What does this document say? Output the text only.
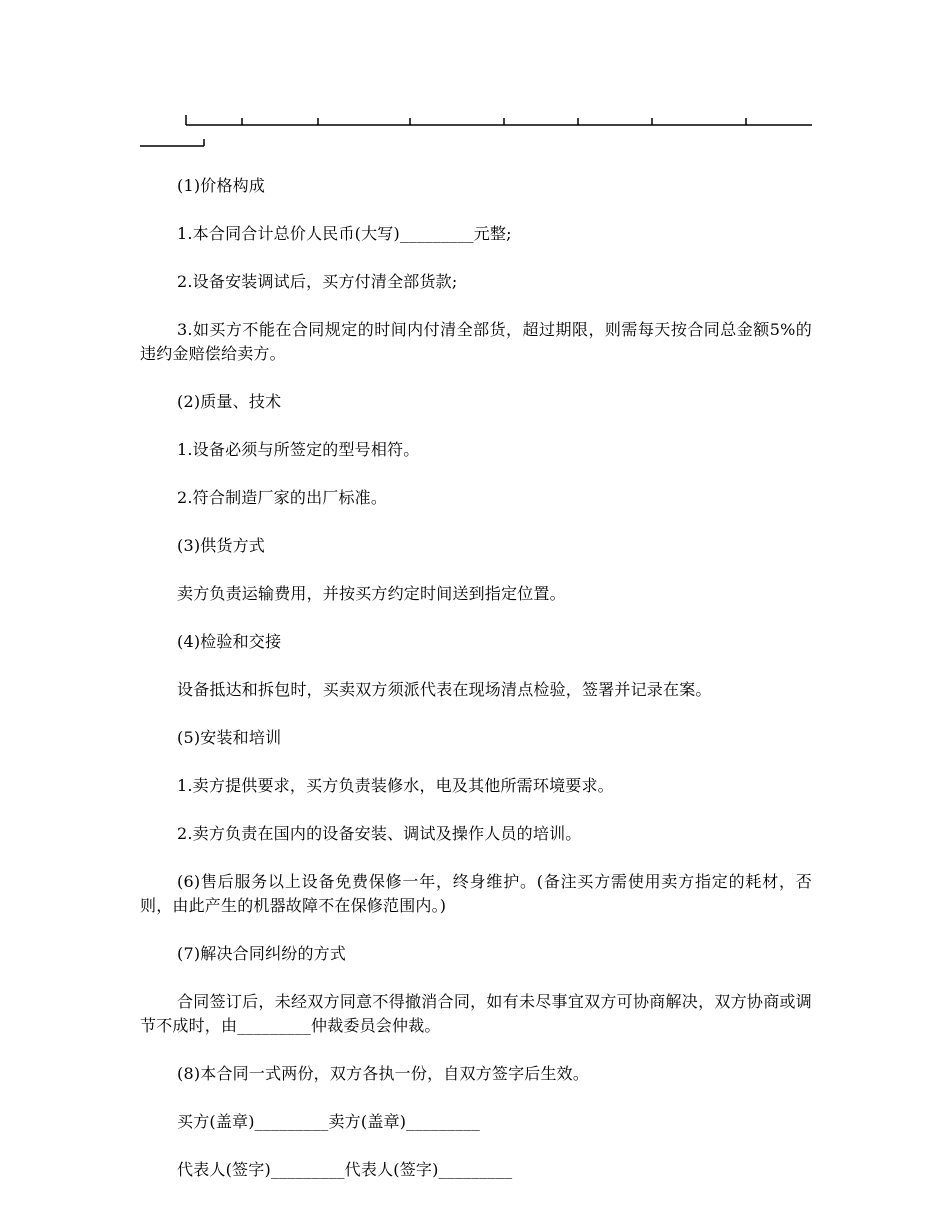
(1)价格构成

1.本合同合计总价人民币(大写)_________元整;

2.设备安装调试后，买方付清全部货款;

3.如买方不能在合同规定的时间内付清全部货，超过期限，则需每天按合同总金额5%的违约金赔偿给卖方。

(2)质量、技术

1.设备必须与所签定的型号相符。

2.符合制造厂家的出厂标准。

(3)供货方式

卖方负责运输费用，并按买方约定时间送到指定位置。

(4)检验和交接

设备抵达和拆包时，买卖双方须派代表在现场清点检验，签署并记录在案。

(5)安装和培训

1.卖方提供要求，买方负责装修水，电及其他所需环境要求。

2.卖方负责在国内的设备安装、调试及操作人员的培训。

(6)售后服务以上设备免费保修一年，终身维护。(备注买方需使用卖方指定的耗材，否则，由此产生的机器故障不在保修范围内。)

(7)解决合同纠纷的方式

合同签订后，未经双方同意不得撤消合同，如有未尽事宜双方可协商解决，双方协商或调节不成时，由_________仲裁委员会仲裁。

(8)本合同一式两份，双方各执一份，自双方签字后生效。

买方(盖章)_________卖方(盖章)_________

代表人(签字)_________代表人(签字)_________
